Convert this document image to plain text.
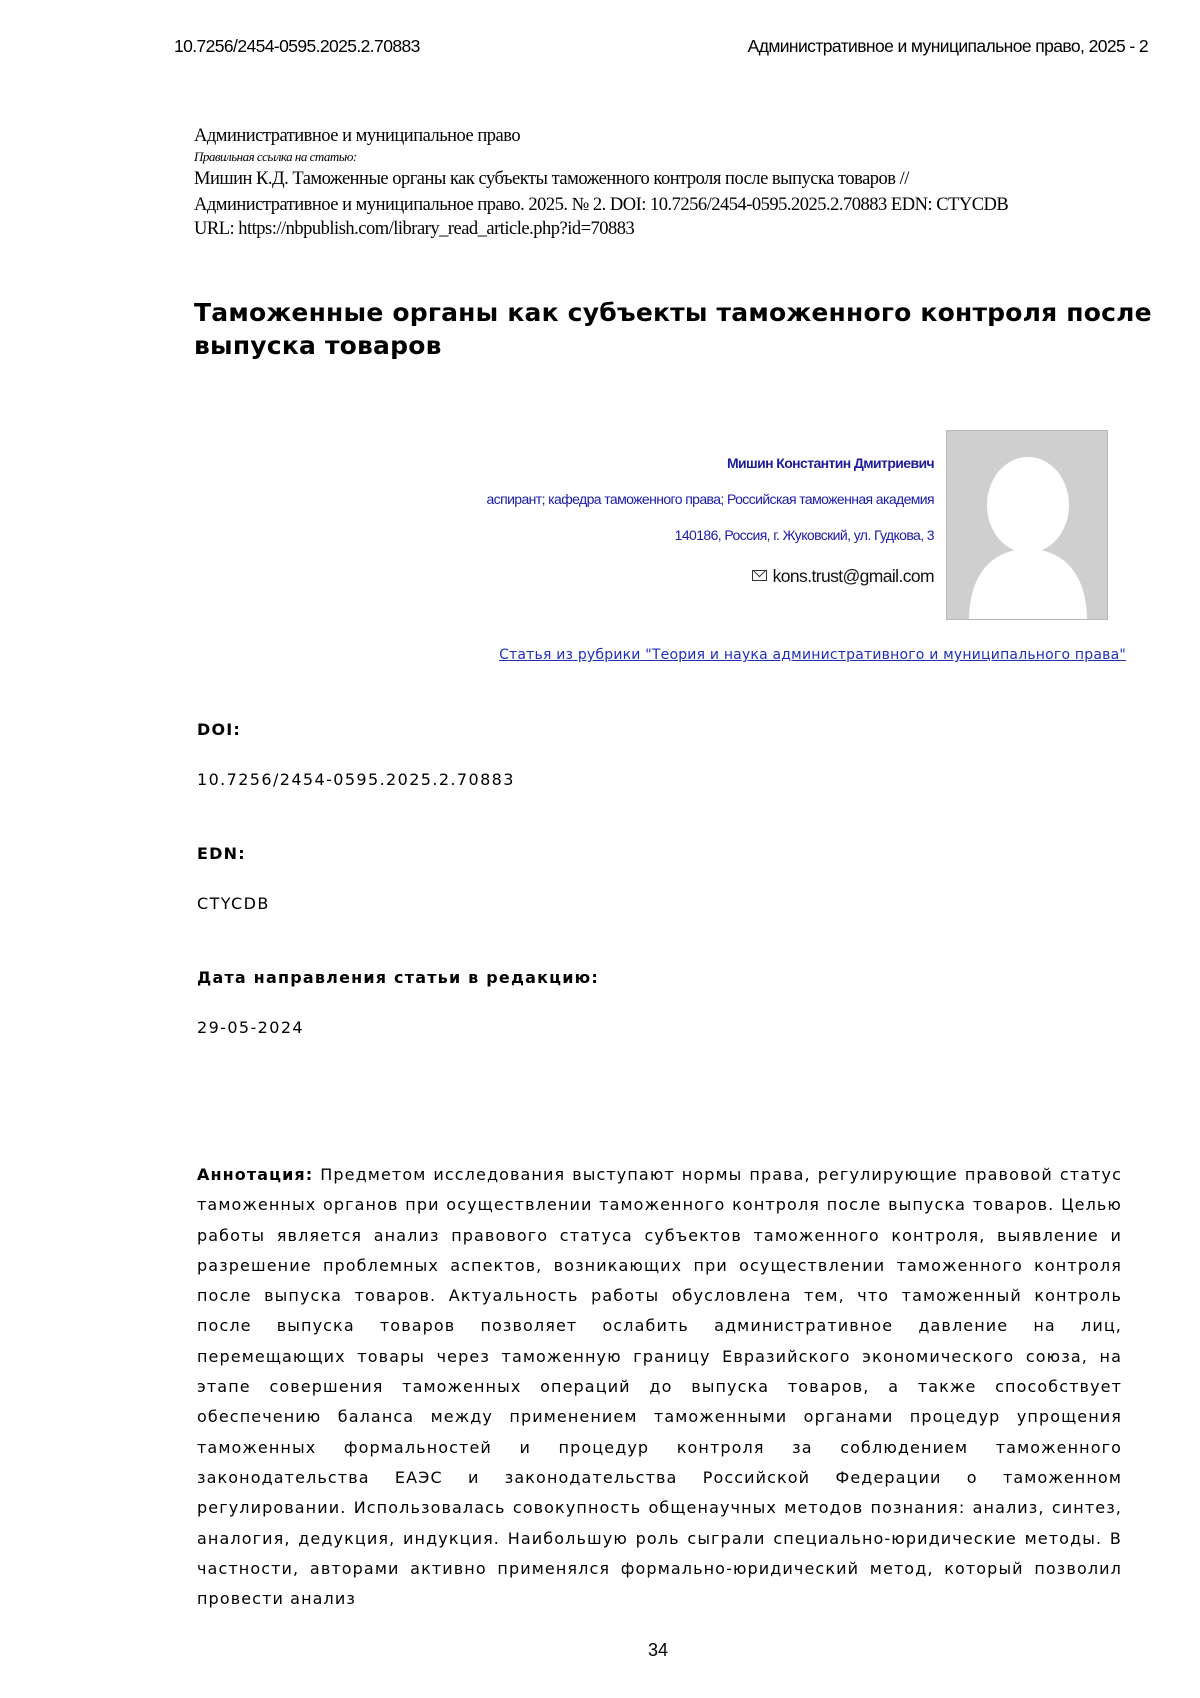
10.7256/2454-0595.2025.2.70883	Административное и муниципальное право, 2025 - 2
Административное и муниципальное право
Правильная ссылка на статью:
Мишин К.Д. Таможенные органы как субъекты таможенного контроля после выпуска товаров //
Административное и муниципальное право. 2025. № 2. DOI: 10.7256/2454-0595.2025.2.70883 EDN: CTYCDB
URL: https://nbpublish.com/library_read_article.php?id=70883
Таможенные органы как субъекты таможенного контроля после выпуска товаров
Мишин Константин Дмитриевич
аспирант; кафедра таможенного права; Российская таможенная академия
140186, Россия, г. Жуковский, ул. Гудкова, 3
kons.trust@gmail.com
Статья из рубрики "Теория и наука административного и муниципального права"
DOI:
10.7256/2454-0595.2025.2.70883
EDN:
CTYCDB
Дата направления статьи в редакцию:
29-05-2024

Аннотация: Предметом исследования выступают нормы права, регулирующие правовой статус таможенных органов при осуществлении таможенного контроля после выпуска товаров. Целью работы является анализ правового статуса субъектов таможенного контроля, выявление и разрешение проблемных аспектов, возникающих при осуществлении таможенного контроля после выпуска товаров. Актуальность работы обусловлена тем, что таможенный контроль после выпуска товаров позволяет ослабить административное давление на лиц, перемещающих товары через таможенную границу Евразийского экономического союза, на этапе совершения таможенных операций до выпуска товаров, а также способствует обеспечению баланса между применением таможенными органами процедур упрощения таможенных формальностей и процедур контроля за соблюдением таможенного законодательства ЕАЭС и законодательства Российской Федерации о таможенном регулировании. Использовалась совокупность общенаучных методов познания: анализ, синтез, аналогия, дедукция, индукция. Наибольшую роль сыграли специально-юридические методы. В частности, авторами активно применялся формально-юридический метод, который позволил провести анализ

34
